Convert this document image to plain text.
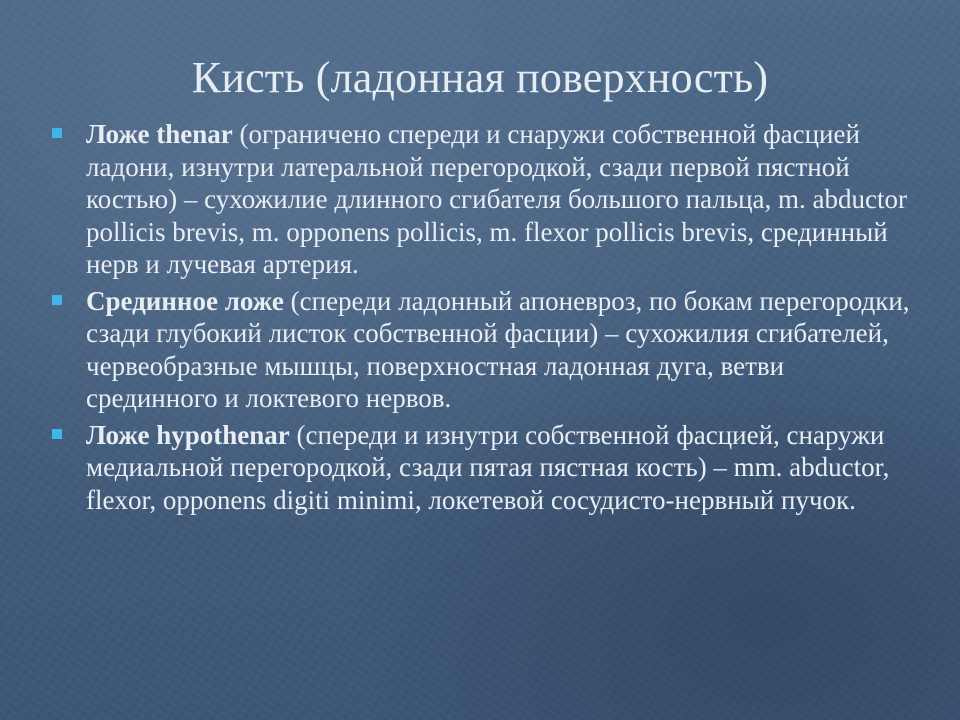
Кисть (ладонная поверхность)
Ложе thenar (ограничено спереди и снаружи собственной фасцией ладони, изнутри латеральной перегородкой, сзади первой пястной костью) – сухожилие длинного сгибателя большого пальца, m. abductor pollicis brevis, m. opponens pollicis, m. flexor pollicis brevis, срединный нерв и лучевая артерия.
Срединное ложе (спереди ладонный апоневроз, по бокам перегородки, сзади глубокий листок собственной фасции) – сухожилия сгибателей, червеобразные мышцы, поверхностная ладонная дуга, ветви срединного и локтевого нервов.
Ложе hypothenar (спереди и изнутри собственной фасцией, снаружи медиальной перегородкой, сзади пятая пястная кость) – mm. abductor, flexor, opponens digiti minimi, локетевой сосудисто-нервный пучок.
